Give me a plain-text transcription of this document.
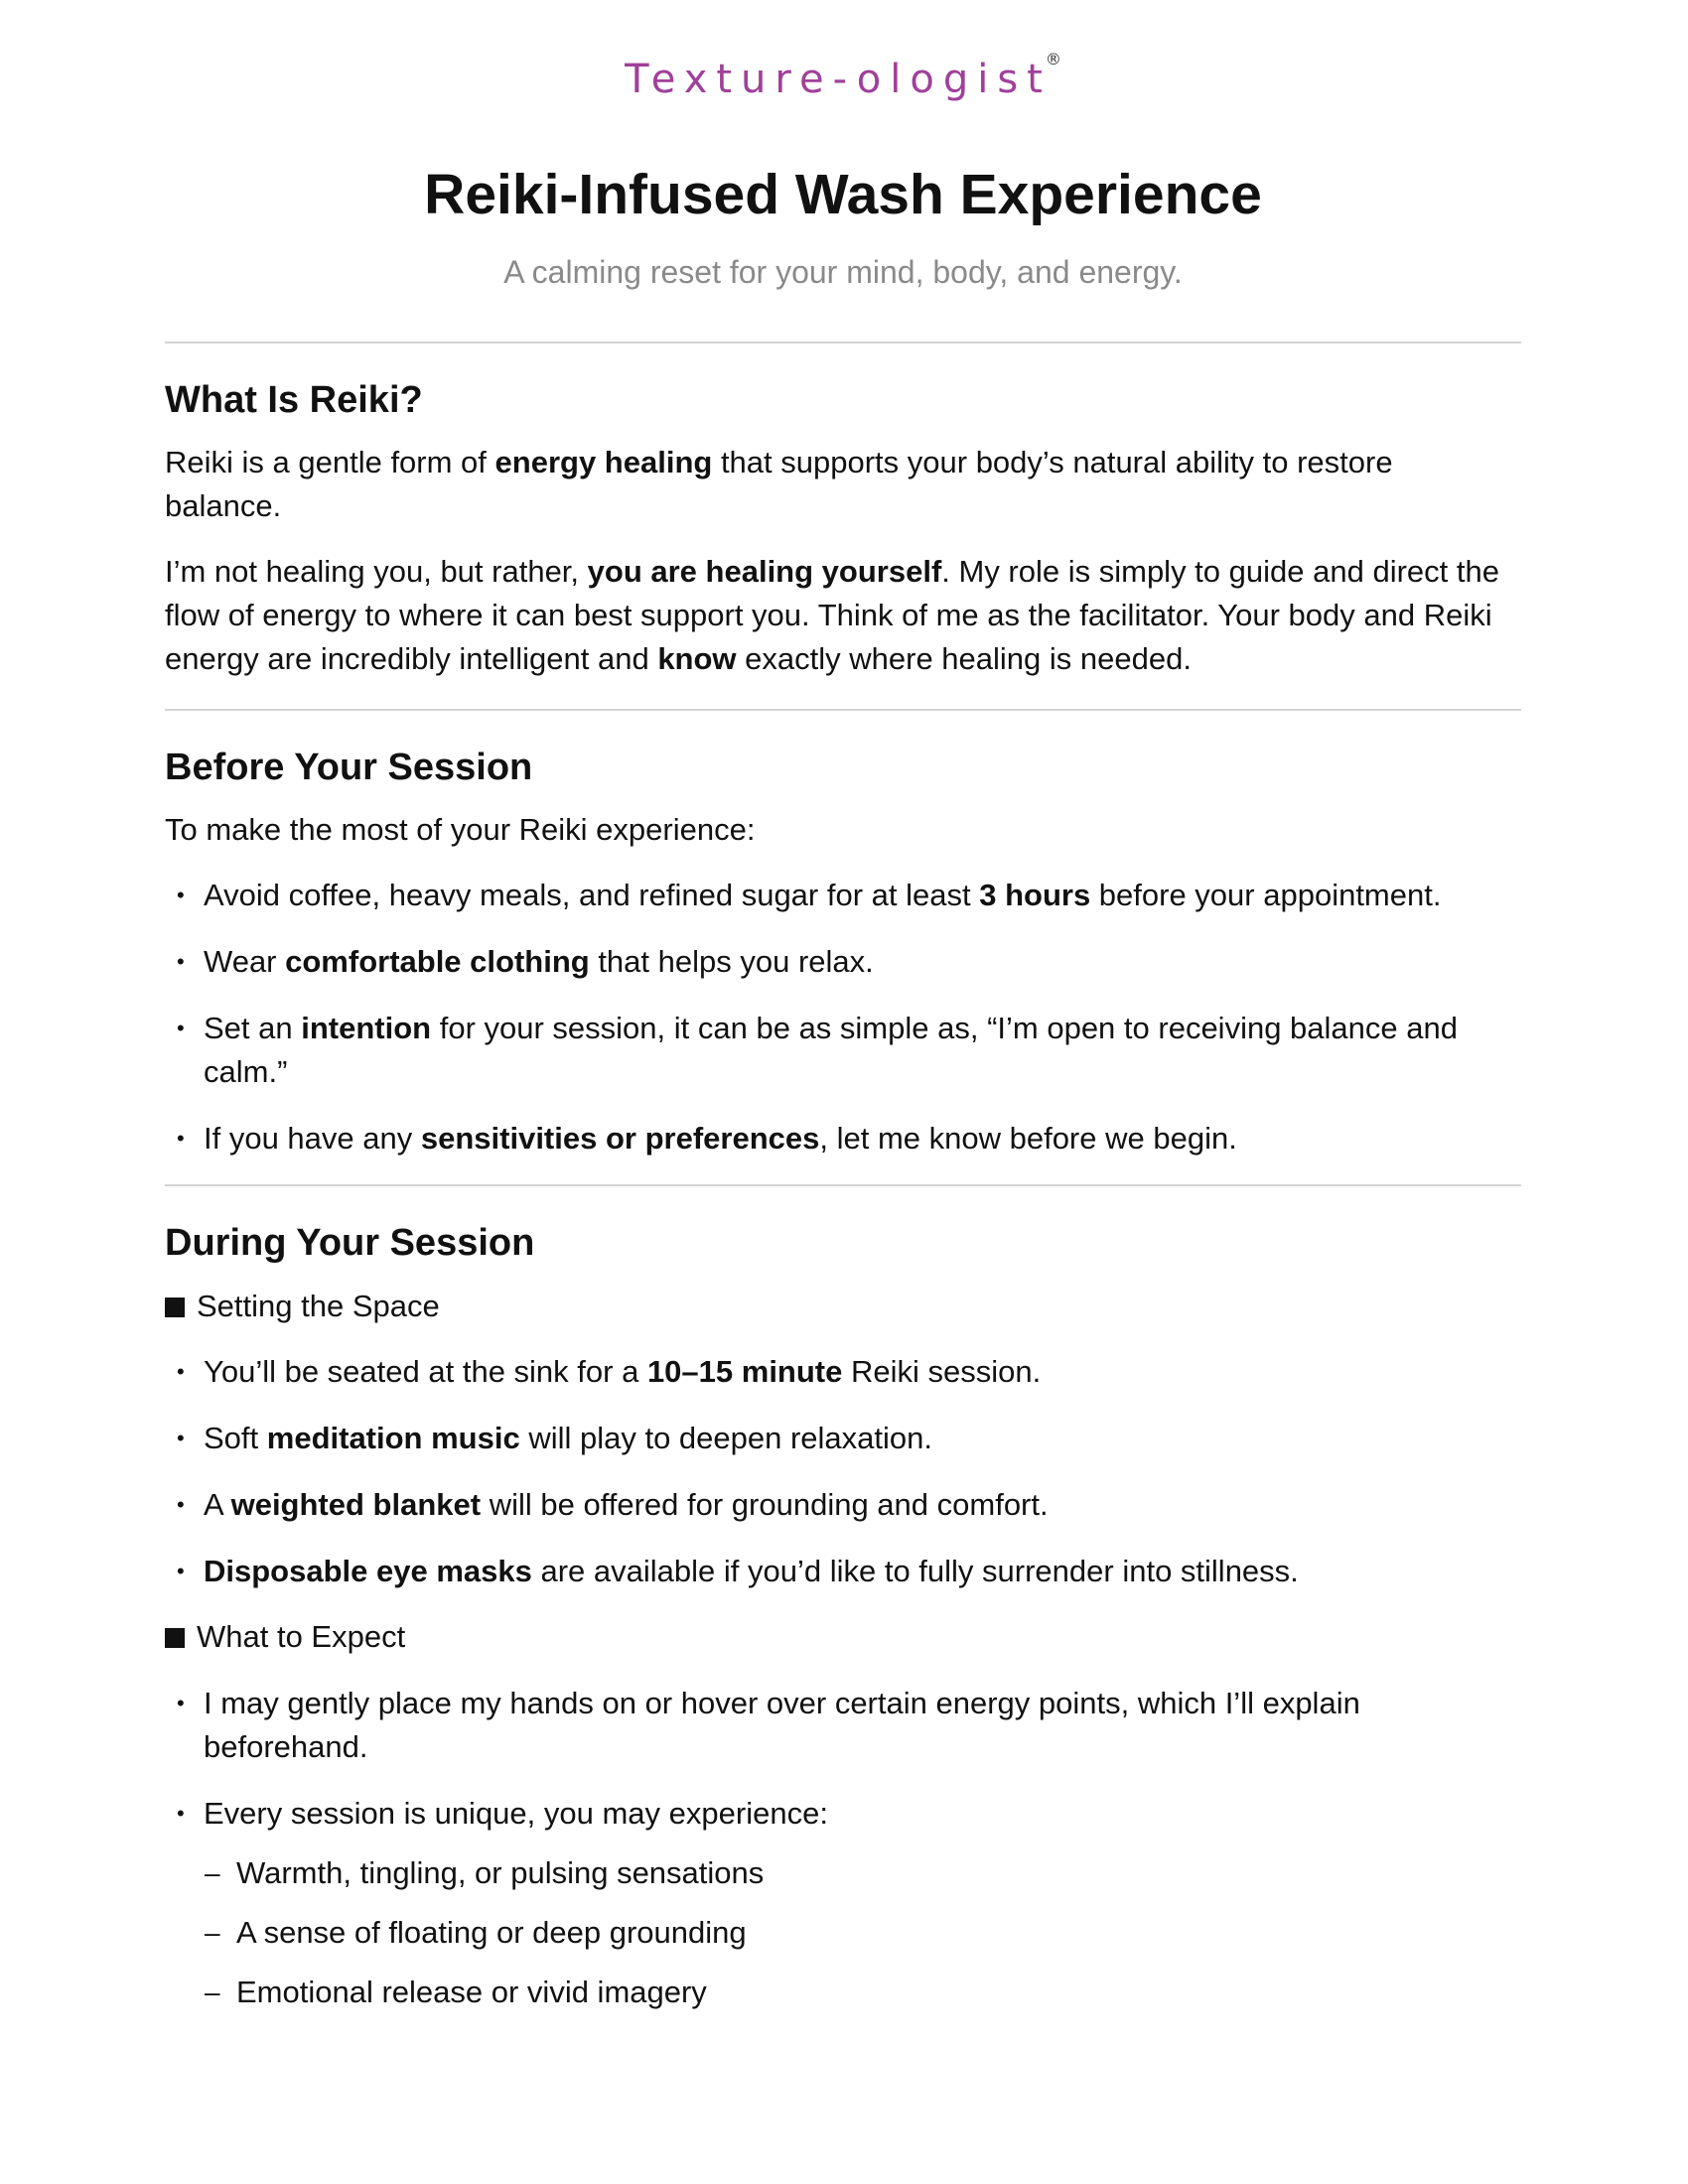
Texture-ologist®
Reiki-Infused Wash Experience
A calming reset for your mind, body, and energy.
What Is Reiki?

Reiki is a gentle form of energy healing that supports your body’s natural ability to restore balance.

I’m not healing you, but rather, you are healing yourself. My role is simply to guide and direct the flow of energy to where it can best support you. Think of me as the facilitator. Your body and Reiki energy are incredibly intelligent and know exactly where healing is needed.

Before Your Session

To make the most of your Reiki experience:

• Avoid coffee, heavy meals, and refined sugar for at least 3 hours before your appointment.
• Wear comfortable clothing that helps you relax.
• Set an intention for your session, it can be as simple as, “I’m open to receiving balance and calm.”
• If you have any sensitivities or preferences, let me know before we begin.
During Your Session
Setting the Space
• You’ll be seated at the sink for a 10–15 minute Reiki session.
• Soft meditation music will play to deepen relaxation.
• A weighted blanket will be offered for grounding and comfort.
• Disposable eye masks are available if you’d like to fully surrender into stillness.
What to Expect
• I may gently place my hands on or hover over certain energy points, which I’ll explain beforehand.
• Every session is unique, you may experience:
– Warmth, tingling, or pulsing sensations
– A sense of floating or deep grounding
– Emotional release or vivid imagery
